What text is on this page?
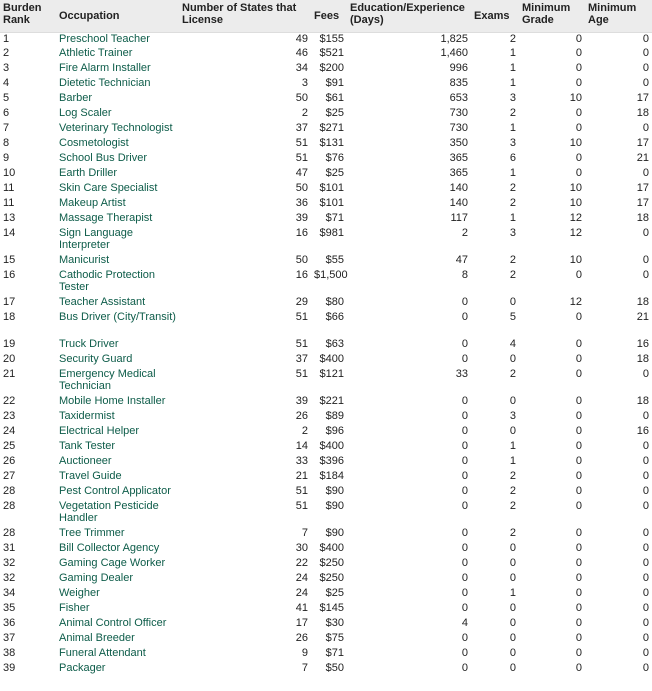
Burden Rank	Occupation	Number of States that License	Fees	Education/Experience (Days)	Exams	Minimum Grade	Minimum Age
1	Preschool Teacher	49	$155	1,825	2	0	0
2	Athletic Trainer	46	$521	1,460	1	0	0
3	Fire Alarm Installer	34	$200	996	1	0	0
4	Dietetic Technician	3	$91	835	1	0	0
5	Barber	50	$61	653	3	10	17
6	Log Scaler	2	$25	730	2	0	18
7	Veterinary Technologist	37	$271	730	1	0	0
8	Cosmetologist	51	$131	350	3	10	17
9	School Bus Driver	51	$76	365	6	0	21
10	Earth Driller	47	$25	365	1	0	0
11	Skin Care Specialist	50	$101	140	2	10	17
11	Makeup Artist	36	$101	140	2	10	17
13	Massage Therapist	39	$71	117	1	12	18
14	Sign Language Interpreter	16	$981	2	3	12	0
15	Manicurist	50	$55	47	2	10	0
16	Cathodic Protection Tester	16	$1,500	8	2	0	0
17	Teacher Assistant	29	$80	0	0	12	18
18	Bus Driver (City/Transit)	51	$66	0	5	0	21
19	Truck Driver	51	$63	0	4	0	16
20	Security Guard	37	$400	0	0	0	18
21	Emergency Medical Technician	51	$121	33	2	0	0
22	Mobile Home Installer	39	$221	0	0	0	18
23	Taxidermist	26	$89	0	3	0	0
24	Electrical Helper	2	$96	0	0	0	16
25	Tank Tester	14	$400	0	1	0	0
26	Auctioneer	33	$396	0	1	0	0
27	Travel Guide	21	$184	0	2	0	0
28	Pest Control Applicator	51	$90	0	2	0	0
28	Vegetation Pesticide Handler	51	$90	0	2	0	0
28	Tree Trimmer	7	$90	0	2	0	0
31	Bill Collector Agency	30	$400	0	0	0	0
32	Gaming Cage Worker	22	$250	0	0	0	0
32	Gaming Dealer	24	$250	0	0	0	0
34	Weigher	24	$25	0	1	0	0
35	Fisher	41	$145	0	0	0	0
36	Animal Control Officer	17	$30	4	0	0	0
37	Animal Breeder	26	$75	0	0	0	0
38	Funeral Attendant	9	$71	0	0	0	0
39	Packager	7	$50	0	0	0	0
